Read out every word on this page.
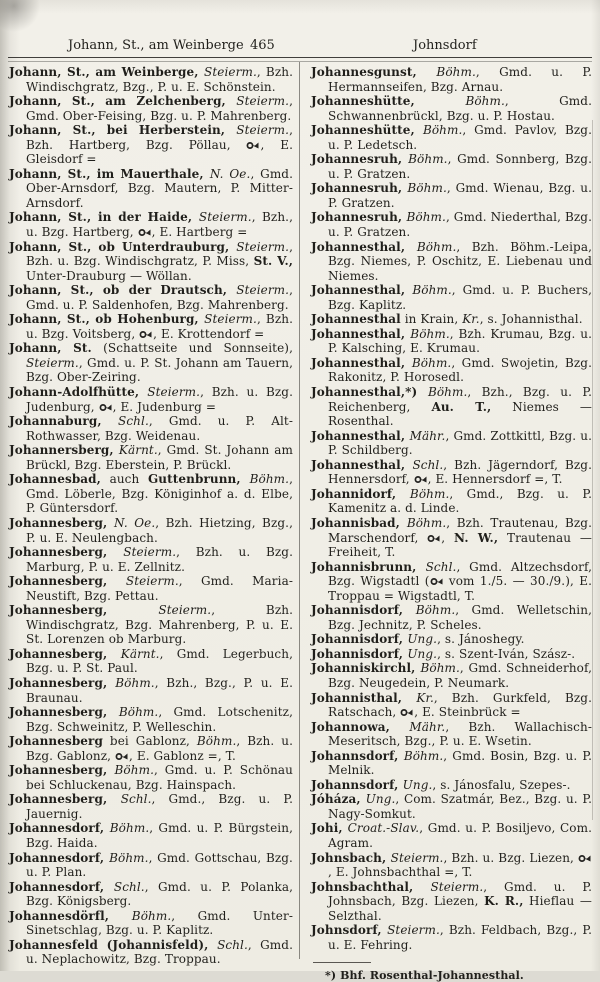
Johann, St., am Weinberge 465	Johnsdorf

Johann, St., am Weinberge, Steierm., Bzh. Windischgratz, Bzg., P. u. E. Schönstein.

Johann, St., am Zelchenberg, Steierm., Gmd. Ober-Feising, Bzg. u. P. Mahrenberg.

Johann, St., bei Herberstein, Steierm., Bzh. Hartberg, Bzg. Pöllau, , E. Gleisdorf =

Johann, St., im Mauerthale, N. Oe., Gmd. Ober-Arnsdorf, Bzg. Mautern, P. Mitter-Arnsdorf.

Johann, St., in der Haide, Steierm., Bzh., u. Bzg. Hartberg, , E. Hartberg =

Johann, St., ob Unterdrauburg, Steierm., Bzh. u. Bzg. Windischgratz, P. Miss, St. V., Unter-Drauburg — Wöllan.

Johann, St., ob der Drautsch, Steierm., Gmd. u. P. Saldenhofen, Bzg. Mahrenberg.

Johann, St., ob Hohenburg, Steierm., Bzh. u. Bzg. Voitsberg, , E. Krottendorf =

Johann, St. (Schattseite und Sonnseite), Steierm., Gmd. u. P. St. Johann am Tauern, Bzg. Ober-Zeiring.

Johann-Adolfhütte, Steierm., Bzh. u. Bzg. Judenburg, , E. Judenburg =

Johannaburg, Schl., Gmd. u. P. Alt-Rothwasser, Bzg. Weidenau.

Johannersberg, Kärnt., Gmd. St. Johann am Brückl, Bzg. Eberstein, P. Brückl.

Johannesbad, auch Guttenbrunn, Böhm., Gmd. Löberle, Bzg. Königinhof a. d. Elbe, P. Güntersdorf.

Johannesberg, N. Oe., Bzh. Hietzing, Bzg., P. u. E. Neulengbach.

Johannesberg, Steierm., Bzh. u. Bzg. Marburg, P. u. E. Zellnitz.

Johannesberg, Steierm., Gmd. Maria-Neustift, Bzg. Pettau.

Johannesberg, Steierm., Bzh. Windischgratz, Bzg. Mahrenberg, P. u. E. St. Lorenzen ob Marburg.

Johannesberg, Kärnt., Gmd. Legerbuch, Bzg. u. P. St. Paul.

Johannesberg, Böhm., Bzh., Bzg., P. u. E. Braunau.

Johannesberg, Böhm., Gmd. Lotschenitz, Bzg. Schweinitz, P. Welleschin.

Johannesberg bei Gablonz, Böhm., Bzh. u. Bzg. Gablonz, , E. Gablonz =, T.

Johannesberg, Böhm., Gmd. u. P. Schönau bei Schluckenau, Bzg. Hainspach.

Johannesberg, Schl., Gmd., Bzg. u. P. Jauernig.

Johannesdorf, Böhm., Gmd. u. P. Bürgstein, Bzg. Haida.

Johannesdorf, Böhm., Gmd. Gottschau, Bzg. u. P. Plan.

Johannesdorf, Schl., Gmd. u. P. Polanka, Bzg. Königsberg.

Johannesdörfl, Böhm., Gmd. Unter-Sinetschlag, Bzg. u. P. Kaplitz.

Johannesfeld (Johannisfeld), Schl., Gmd. u. Neplachowitz, Bzg. Troppau.

Johannesgunst, Böhm., Gmd. u. P. Hermannseifen, Bzg. Arnau.

Johanneshütte, Böhm., Gmd. Schwannenbrückl, Bzg. u. P. Hostau.

Johanneshütte, Böhm., Gmd. Pavlov, Bzg. u. P. Ledetsch.

Johannesruh, Böhm., Gmd. Sonnberg, Bzg. u. P. Gratzen.

Johannesruh, Böhm., Gmd. Wienau, Bzg. u. P. Gratzen.

Johannesruh, Böhm., Gmd. Niederthal, Bzg. u. P. Gratzen.

Johannesthal, Böhm., Bzh. Böhm.-Leipa, Bzg. Niemes, P. Oschitz, E. Liebenau und Niemes.

Johannesthal, Böhm., Gmd. u. P. Buchers, Bzg. Kaplitz.

Johannesthal in Krain, Kr., s. Johannisthal.

Johannesthal, Böhm., Bzh. Krumau, Bzg. u. P. Kalsching, E. Krumau.

Johannesthal, Böhm., Gmd. Swojetin, Bzg. Rakonitz, P. Horosedl.

Johannesthal,*) Böhm., Bzh., Bzg. u. P. Reichenberg, Au. T., Niemes — Rosenthal.

Johannesthal, Mähr., Gmd. Zottkittl, Bzg. u. P. Schildberg.

Johannesthal, Schl., Bzh. Jägerndorf, Bzg. Hennersdorf, , E. Hennersdorf =, T.

Johannidorf, Böhm., Gmd., Bzg. u. P. Kamenitz a. d. Linde.

Johannisbad, Böhm., Bzh. Trautenau, Bzg. Marschendorf, , N. W., Trautenau — Freiheit, T.

Johannisbrunn, Schl., Gmd. Altzechsdorf, Bzg. Wigstadtl ( vom 1./5. — 30./9.), E. Troppau = Wigstadtl, T.

Johannisdorf, Böhm., Gmd. Welletschin, Bzg. Jechnitz, P. Scheles.

Johannisdorf, Ung., s. Jánoshegy.

Johannisdorf, Ung., s. Szent-Iván, Szász-.

Johanniskirchl, Böhm., Gmd. Schneiderhof, Bzg. Neugedein, P. Neumark.

Johannisthal, Kr., Bzh. Gurkfeld, Bzg. Ratschach, , E. Steinbrück =

Johannowa, Mähr., Bzh. Wallachisch-Meseritsch, Bzg., P. u. E. Wsetin.

Johannsdorf, Böhm., Gmd. Bosin, Bzg. u. P. Melnik.

Johannsdorf, Ung., s. Jánosfalu, Szepes-.

Jóháza, Ung., Com. Szatmár, Bez., Bzg. u. P. Nagy-Somkut.

Johi, Croat.-Slav., Gmd. u. P. Bosiljevo, Com. Agram.

Johnsbach, Steierm., Bzh. u. Bzg. Liezen, , E. Johnsbachthal =, T.

Johnsbachthal, Steierm., Gmd. u. P. Johnsbach, Bzg. Liezen, K. R., Hieflau — Selzthal.

Johnsdorf, Steierm., Bzh. Feldbach, Bzg., P. u. E. Fehring.

*) Bhf. Rosenthal-Johannesthal.
